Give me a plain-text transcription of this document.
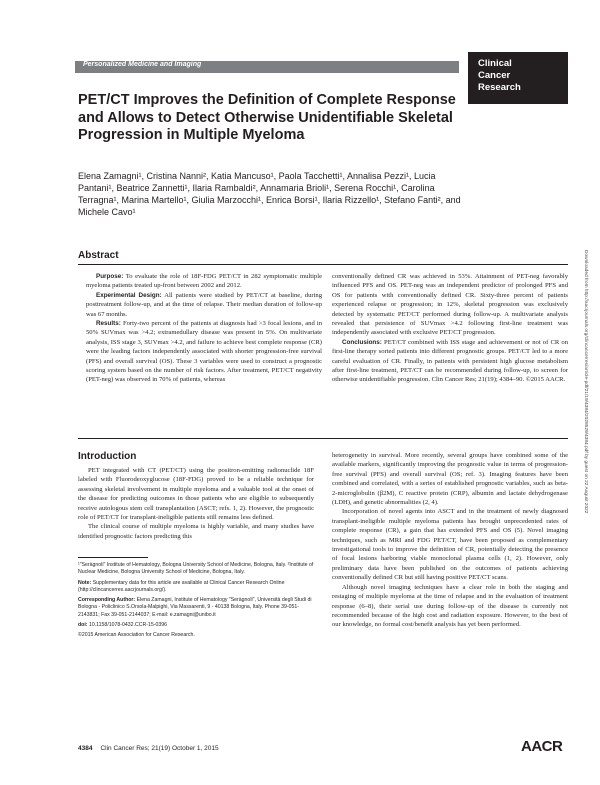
Personalized Medicine and Imaging	Clinical
Cancer
Research
PET/CT Improves the Definition of Complete Response and Allows to Detect Otherwise Unidentifiable Skeletal Progression in Multiple Myeloma
Elena Zamagni¹, Cristina Nanni², Katia Mancuso¹, Paola Tacchetti¹, Annalisa Pezzi¹, Lucia Pantani¹, Beatrice Zannetti¹, Ilaria Rambaldi², Annamaria Brioli¹, Serena Rocchi¹, Carolina Terragna¹, Marina Martello¹, Giulia Marzocchi¹, Enrica Borsi¹, Ilaria Rizzello¹, Stefano Fanti², and Michele Cavo¹
Abstract

Purpose: To evaluate the role of 18F-FDG PET/CT in 282 symptomatic multiple myeloma patients treated up-front between 2002 and 2012.

Experimental Design: All patients were studied by PET/CT at baseline, during posttreatment follow-up, and at the time of relapse. Their median duration of follow-up was 67 months.

Results: Forty-two percent of the patients at diagnosis had >3 focal lesions, and in 50% SUVmax was >4.2; extramedullary disease was present in 5%. On multivariate analysis, ISS stage 3, SUVmax >4.2, and failure to achieve best complete response (CR) were the leading factors independently associated with shorter progression-free survival (PFS) and overall survival (OS). These 3 variables were used to construct a prognostic scoring system based on the number of risk factors. After treatment, PET/CT negativity (PET-neg) was observed in 70% of patients, whereas

conventionally defined CR was achieved in 53%. Attainment of PET-neg favorably influenced PFS and OS. PET-neg was an independent predictor of prolonged PFS and OS for patients with conventionally defined CR. Sixty-three percent of patients experienced relapse or progression; in 12%, skeletal progression was exclusively detected by systematic PET/CT performed during follow-up. A multivariate analysis revealed that persistence of SUVmax >4.2 following first-line treatment was independently associated with exclusive PET/CT progression.

Conclusions: PET/CT combined with ISS stage and achievement or not of CR on first-line therapy sorted patients into different prognostic groups. PET/CT led to a more careful evaluation of CR. Finally, in patients with persistent high glucose metabolism after first-line treatment, PET/CT can be recommended during follow-up, to screen for otherwise unidentifiable progression. Clin Cancer Res; 21(19); 4384–90. ©2015 AACR.

Introduction

PET integrated with CT (PET/CT) using the positron-emitting radionuclide 18F labeled with Fluorodeoxyglucose (18F-FDG) proved to be a reliable technique for assessing skeletal involvement in multiple myeloma and a valuable tool at the onset of the disease for predicting outcomes in those patients who are eligible to subsequently receive autologous stem cell transplantation (ASCT; refs. 1, 2). However, the prognostic role of PET/CT for transplant-ineligible patients still remains less defined.

The clinical course of multiple myeloma is highly variable, and many studies have identified prognostic factors predicting this

heterogeneity in survival. More recently, several groups have combined some of the available markers, significantly improving the prognostic value in terms of progression-free survival (PFS) and overall survival (OS; ref. 3). Imaging features have been combined and correlated, with a series of established prognostic variables, such as beta-2-microglobulin (β2M), C reactive protein (CRP), albumin and lactate dehydrogenase (LDH), and genetic abnormalities (2, 4).

Incorporation of novel agents into ASCT and in the treatment of newly diagnosed transplant-ineligible multiple myeloma patients has brought unprecedented rates of complete response (CR), a gain that has extended PFS and OS (5). Novel imaging techniques, such as MRI and FDG PET/CT, have been proposed as complementary investigational tools to improve the definition of CR, potentially detecting the presence of focal lesions harboring viable monoclonal plasma cells (1, 2). However, only preliminary data have been published on the outcomes of patients achieving conventionally defined CR but still having positive PET/CT scans.

Although novel imaging techniques have a clear role in both the staging and restaging of multiple myeloma at the time of relapse and in the evaluation of treatment response (6–8), their serial use during follow-up of the disease is currently not recommended because of the high cost and radiation exposure. However, to the best of our knowledge, no formal cost/benefit analysis has yet been performed.

¹"Seràgnoli" Institute of Hematology, Bologna University School of Medicine, Bologna, Italy. ²Institute of Nuclear Medicine, Bologna University School of Medicine, Bologna, Italy.
Note: Supplementary data for this article are available at Clinical Cancer Research Online (http://clincancerres.aacrjournals.org/).
Corresponding Author: Elena Zamagni, Institute of Hematology "Seràgnoli", Università degli Studi di Bologna - Policlinico S.Orsola-Malpighi, Via Massarenti, 9 - 40138 Bologna, Italy. Phone 39-051-2143831; Fax 39-051-2144037; E-mail: e.zamagni@unibo.it
doi: 10.1158/1078-0432.CCR-15-0396
©2015 American Association for Cancer Research.
4384 Clin Cancer Res; 21(19) October 1, 2015	AACR
Downloaded from http://aacrjournals.org/clincancerres/article-pdf/21/19/4384/2028529/4384.pdf by guest on 22 August 2022
